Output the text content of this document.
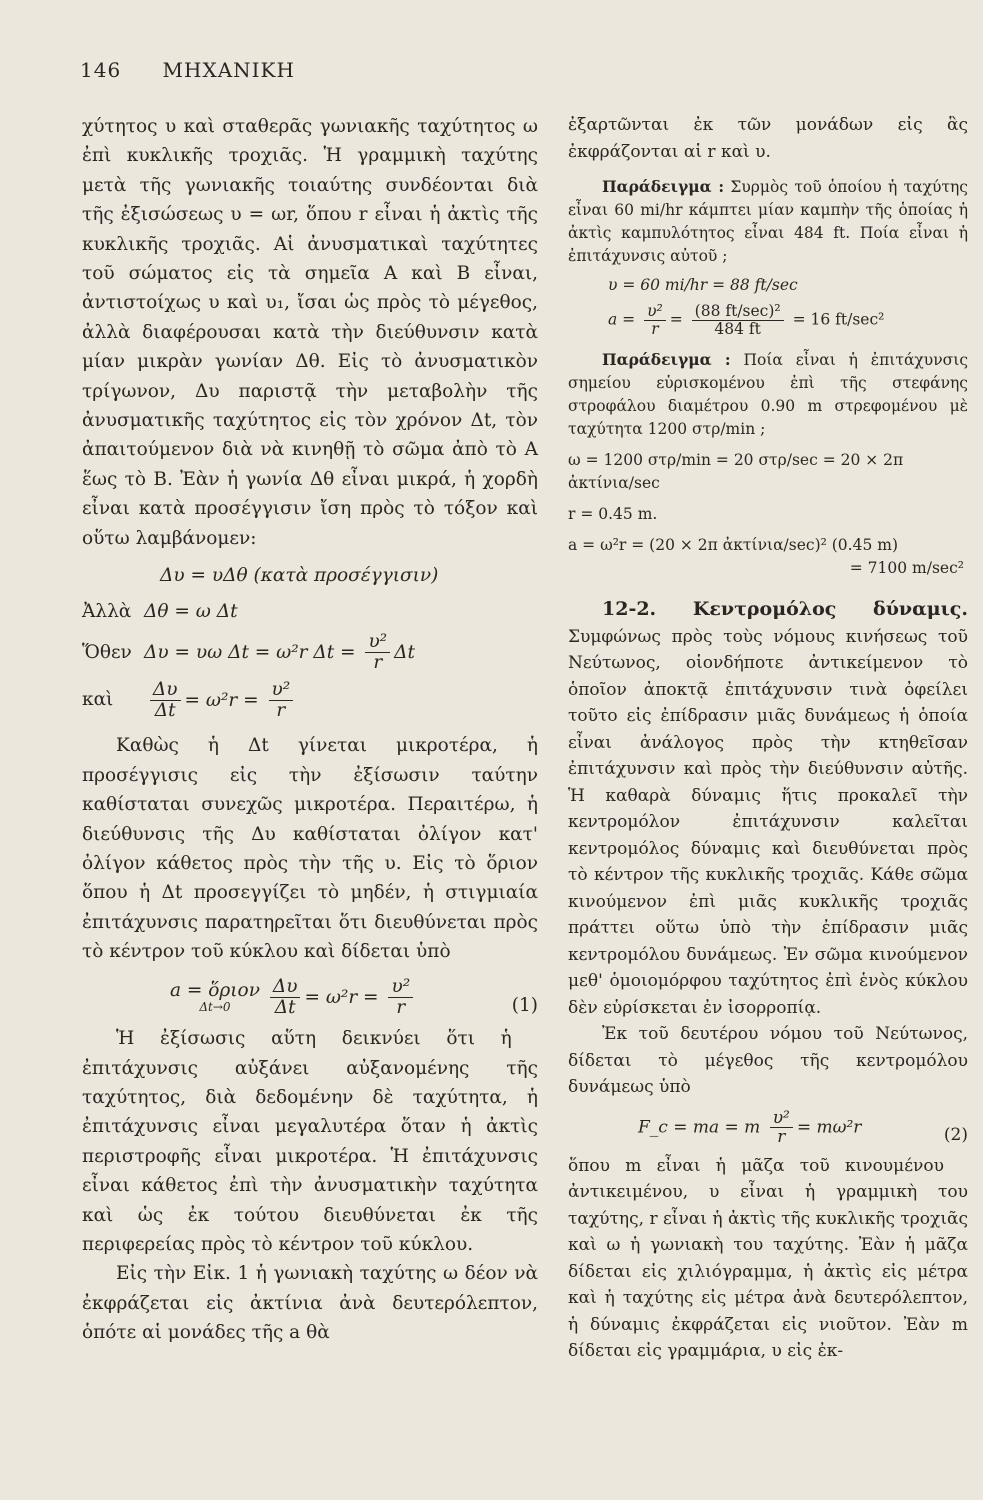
146 ΜΗΧΑΝΙΚΗ

χύτητος υ καὶ σταθερᾶς γωνιακῆς ταχύτητος ω ἐπὶ κυκλικῆς τροχιᾶς. Ἡ γραμμικὴ ταχύτης μετὰ τῆς γωνιακῆς τοιαύτης συνδέονται διὰ τῆς ἐξισώσεως υ = ωr, ὅπου r εἶναι ἡ ἀκτὶς τῆς κυκλικῆς τροχιᾶς. Αἱ ἀνυσματικαὶ ταχύτητες τοῦ σώματος εἰς τὰ σημεῖα A καὶ B εἶναι, ἀντιστοίχως υ καὶ υ₁, ἴσαι ὡς πρὸς τὸ μέγεθος, ἀλλὰ διαφέρουσαι κατὰ τὴν διεύθυνσιν κατὰ μίαν μικρὰν γωνίαν Δθ. Εἰς τὸ ἀνυσματικὸν τρίγωνον, Δυ παριστᾷ τὴν μεταβολὴν τῆς ἀνυσματικῆς ταχύτητος εἰς τὸν χρόνον Δt, τὸν ἀπαιτούμενον διὰ νὰ κινηθῇ τὸ σῶμα ἀπὸ τὸ A ἕως τὸ B. Ἐὰν ἡ γωνία Δθ εἶναι μικρά, ἡ χορδὴ εἶναι κατὰ προσέγγισιν ἴση πρὸς τὸ τόξον καὶ οὕτω λαμβάνομεν:

Δυ = υΔθ (κατὰ προσέγγισιν)
Ἀλλὰ Δθ = ω Δt
Ὅθεν Δυ = υω Δt = ω²r $\Delta t = \frac{\text{υ²}}{r}$ Δt
καὶ $\frac{\Delta\upsilon}{\Delta t} = \omega^2r = \frac{\text{υ²}}{r}$

Καθὼς ἡ Δt γίνεται μικροτέρα, ἡ προσέγγισις εἰς τὴν ἐξίσωσιν ταύτην καθίσταται συνεχῶς μικροτέρα. Περαιτέρω, ἡ διεύθυνσις τῆς Δυ καθίσταται ὀλίγον κατ' ὀλίγον κάθετος πρὸς τὴν τῆς υ. Εἰς τὸ ὅριον ὅπου ἡ Δt προσεγγίζει τὸ μηδέν, ἡ στιγμιαία ἐπιτάχυνσις παρατηρεῖται ὅτι διευθύνεται πρὸς τὸ κέντρον τοῦ κύκλου καὶ δίδεται ὑπὸ

a = ὅριον
Δt→0
$\frac{\Delta\upsilon}{\Delta t} = \omega^2r = \frac{\text{υ²}}{r}$	(1)

Ἡ ἐξίσωσις αὕτη δεικνύει ὅτι ἡ ἐπιτάχυνσις αὐξάνει αὐξανομένης τῆς ταχύτητος, διὰ δεδομένην δὲ ταχύτητα, ἡ ἐπιτάχυνσις εἶναι μεγαλυτέρα ὅταν ἡ ἀκτὶς περιστροφῆς εἶναι μικροτέρα. Ἡ ἐπιτάχυνσις εἶναι κάθετος ἐπὶ τὴν ἀνυσματικὴν ταχύτητα καὶ ὡς ἐκ τούτου διευθύνεται ἐκ τῆς περιφερείας πρὸς τὸ κέντρον τοῦ κύκλου.

Εἰς τὴν Εἰκ. 1 ἡ γωνιακὴ ταχύτης ω δέον νὰ ἐκφράζεται εἰς ἀκτίνια ἀνὰ δευτερόλεπτον, ὁπότε αἱ μονάδες τῆς a θὰ

ἐξαρτῶνται ἐκ τῶν μονάδων εἰς ἃς ἐκφράζονται αἱ r καὶ υ.

Παράδειγμα : Συρμὸς τοῦ ὁποίου ἡ ταχύτης εἶναι 60 mi/hr κάμπτει μίαν καμπὴν τῆς ὁποίας ἡ ἀκτὶς καμπυλότητος εἶναι 484 ft. Ποία εἶναι ἡ ἐπιτάχυνσις αὐτοῦ ;

υ = 60 mi/hr = 88 ft/sec
$a = \frac{\text{υ²}}{r} = \frac{\text{(88 ft/sec)²}}{484 ft} = 16$ ft/sec²

Παράδειγμα : Ποία εἶναι ἡ ἐπιτάχυνσις σημείου εὑρισκομένου ἐπὶ τῆς στεφάνης στροφάλου διαμέτρου 0.90 m στρεφομένου μὲ ταχύτητα 1200 στρ/min ;

ω = 1200 στρ/min = 20 στρ/sec = 20 × 2π ἀκτίνια/sec
r = 0.45 m.
a = ω²r = (20 × 2π ἀκτίνια/sec)² (0.45 m)
= 7100 m/sec²

12-2. Κεντρομόλος δύναμις. Συμφώνως πρὸς τοὺς νόμους κινήσεως τοῦ Νεύτωνος, οἱονδήποτε ἀντικείμενον τὸ ὁποῖον ἀποκτᾷ ἐπιτάχυνσιν τινὰ ὀφείλει τοῦτο εἰς ἐπίδρασιν μιᾶς δυνάμεως ἡ ὁποία εἶναι ἀνάλογος πρὸς τὴν κτηθεῖσαν ἐπιτάχυνσιν καὶ πρὸς τὴν διεύθυνσιν αὐτῆς. Ἡ καθαρὰ δύναμις ἥτις προκαλεῖ τὴν κεντρομόλον ἐπιτάχυνσιν καλεῖται κεντρομόλος δύναμις καὶ διευθύνεται πρὸς τὸ κέντρον τῆς κυκλικῆς τροχιᾶς. Κάθε σῶμα κινούμενον ἐπὶ μιᾶς κυκλικῆς τροχιᾶς πράττει οὕτω ὑπὸ τὴν ἐπίδρασιν μιᾶς κεντρομόλου δυνάμεως. Ἐν σῶμα κινούμενον μεθ' ὁμοιομόρφου ταχύτητος ἐπὶ ἑνὸς κύκλου δὲν εὑρίσκεται ἐν ἰσορροπίᾳ.

Ἐκ τοῦ δευτέρου νόμου τοῦ Νεύτωνος, δίδεται τὸ μέγεθος τῆς κεντρομόλου δυνάμεως ὑπὸ

F_c = ma = m $\frac{\text{υ²}}{r} = m\omega^2r$	(2)

ὅπου m εἶναι ἡ μᾶζα τοῦ κινουμένου ἀντικειμένου, υ εἶναι ἡ γραμμικὴ του ταχύτης, r εἶναι ἡ ἀκτὶς τῆς κυκλικῆς τροχιᾶς καὶ ω ἡ γωνιακὴ του ταχύτης. Ἐὰν ἡ μᾶζα δίδεται εἰς χιλιόγραμμα, ἡ ἀκτὶς εἰς μέτρα καὶ ἡ ταχύτης εἰς μέτρα ἀνὰ δευτερόλεπτον, ἡ δύναμις ἐκφράζεται εἰς νιοῦτον. Ἐὰν m δίδεται εἰς γραμμάρια, υ εἰς ἐκ-
